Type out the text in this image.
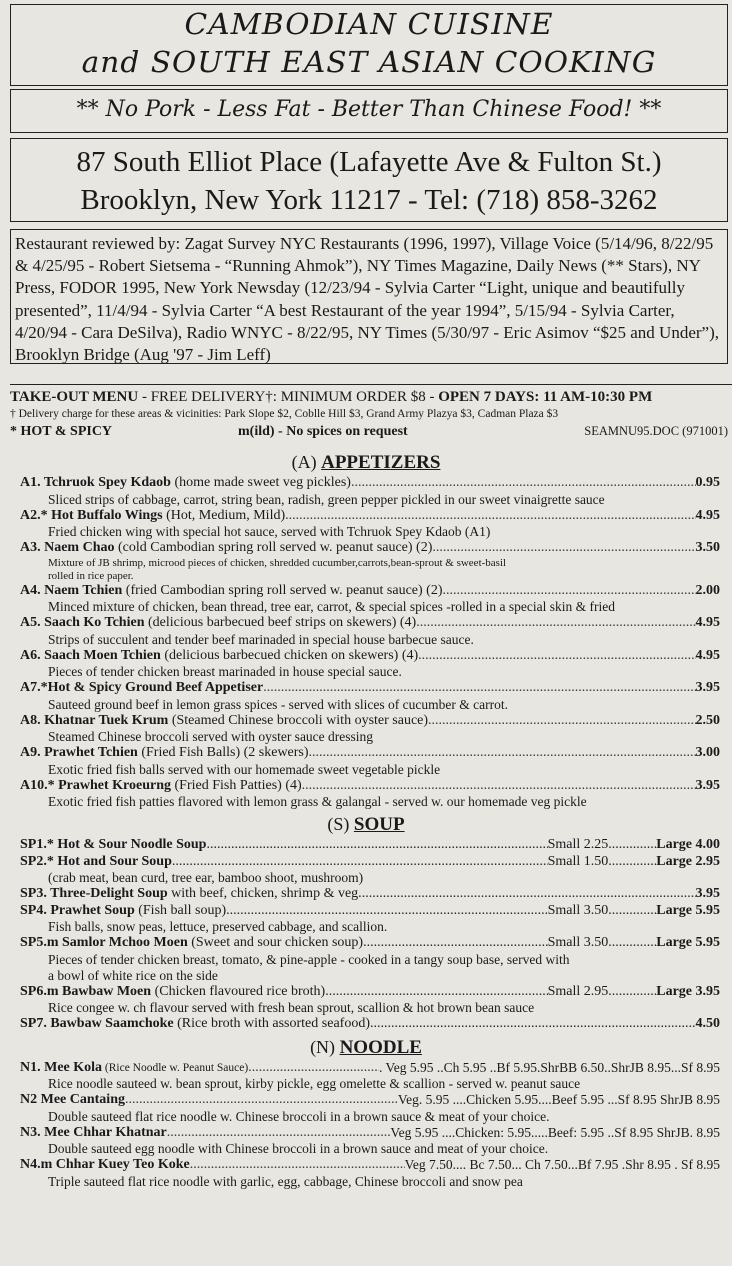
CAMBODIAN CUISINE
and SOUTH EAST ASIAN COOKING
** No Pork - Less Fat - Better Than Chinese Food! **
87 South Elliot Place (Lafayette Ave & Fulton St.)
Brooklyn, New York 11217 - Tel: (718) 858-3262
Restaurant reviewed by: Zagat Survey NYC Restaurants (1996, 1997), Village Voice (5/14/96, 8/22/95 & 4/25/95 - Robert Sietsema - “Running Ahmok”), NY Times Magazine, Daily News (** Stars), NY Press, FODOR 1995, New York Newsday (12/23/94 - Sylvia Carter “Light, unique and beautifully presented”, 11/4/94 - Sylvia Carter “A best Restaurant of the year 1994”, 5/15/94 - Sylvia Carter, 4/20/94 - Cara DeSilva), Radio WNYC - 8/22/95, NY Times (5/30/97 - Eric Asimov “$25 and Under”), Brooklyn Bridge (Aug '97 - Jim Leff)
TAKE-OUT MENU - FREE DELIVERY†: MINIMUM ORDER $8 - OPEN 7 DAYS: 11 AM-10:30 PM
† Delivery charge for these areas & vicinities: Park Slope $2, Coblle Hill $3, Grand Army Plazya $3, Cadman Plaza $3
* HOT & SPICY	m(ild) - No spices on request	SEAMNU95.DOC (971001)
(A) APPETIZERS
A1. Tchruok Spey Kdaob (home made sweet veg pickles) .....	0.95
Sliced strips of cabbage, carrot, string bean, radish, green pepper pickled in our sweet vinaigrette sauce
A2.* Hot Buffalo Wings (Hot, Medium, Mild) .....	4.95
Fried chicken wing with special hot sauce, served with Tchruok Spey Kdaob (A1)
A3. Naem Chao (cold Cambodian spring roll served w. peanut sauce) (2) .....	3.50
Mixture of JB shrimp, microod pieces of chicken, shredded cucumber,carrots,bean-sprout & sweet-basil
rolled in rice paper.
A4. Naem Tchien (fried Cambodian spring roll served w. peanut sauce) (2) .....	2.00
Minced mixture of chicken, bean thread, tree ear, carrot, & special spices -rolled in a special skin & fried
A5. Saach Ko Tchien (delicious barbecued beef strips on skewers) (4) .....	4.95
Strips of succulent and tender beef marinaded in special house barbecue sauce.
A6. Saach Moen Tchien (delicious barbecued chicken on skewers) (4) .....	4.95
Pieces of tender chicken breast marinaded in house special sauce.
A7.*Hot & Spicy Ground Beef Appetiser .....	3.95
Sauteed ground beef in lemon grass spices - served with slices of cucumber & carrot.
A8. Khatnar Tuek Krum (Steamed Chinese broccoli with oyster sauce) .....	2.50
Steamed Chinese broccoli served with oyster sauce dressing
A9. Prawhet Tchien (Fried Fish Balls) (2 skewers) .....	3.00
Exotic fried fish balls served with our homemade sweet vegetable pickle
A10.* Prawhet Kroeurng (Fried Fish Patties) (4) .....	3.95
Exotic fried fish patties flavored with lemon grass & galangal - served w. our homemade veg pickle
(S) SOUP
SP1.* Hot & Sour Noodle Soup .....	Small 2.25 .....	Large 4.00
SP2.* Hot and Sour Soup .....	Small 1.50 .....	Large 2.95
(crab meat, bean curd, tree ear, bamboo shoot, mushroom)
SP3. Three-Delight Soup with beef, chicken, shrimp & veg. .....	3.95
SP4. Prawhet Soup (Fish ball soup) .....	Small 3.50 .....	Large 5.95
Fish balls, snow peas, lettuce, preserved cabbage, and scallion.
SP5.m Samlor Mchoo Moen (Sweet and sour chicken soup) .....	Small 3.50 .....	Large 5.95
Pieces of tender chicken breast, tomato, & pine-apple - cooked in a tangy soup base, served with
a bowl of white rice on the side
SP6.m Bawbaw Moen (Chicken flavoured rice broth) .....	Small 2.95 .....	Large 3.95
Rice congee w. ch flavour served with fresh bean sprout, scallion & hot brown bean sauce
SP7. Bawbaw Saamchoke (Rice broth with assorted seafood) .....	4.50
(N) NOODLE
N1. Mee Kola (Rice Noodle w. Peanut Sauce) .....	. Veg 5.95 ..Ch 5.95 ..Bf 5.95.ShrBB 6.50..ShrJB 8.95...Sf 8.95
Rice noodle sauteed w. bean sprout, kirby pickle, egg omelette & scallion - served w. peanut sauce
N2 Mee Cantaing .....	Veg. 5.95 ....Chicken 5.95....Beef 5.95 ...Sf 8.95 ShrJB 8.95
Double sauteed flat rice noodle w. Chinese broccoli in a brown sauce & meat of your choice.
N3. Mee Chhar Khatnar .....	Veg 5.95 ....Chicken: 5.95.....Beef: 5.95 ..Sf 8.95 ShrJB. 8.95
Double sauteed egg noodle with Chinese broccoli in a brown sauce and meat of your choice.
N4.m Chhar Kuey Teo Koke .....	Veg 7.50.... Bc 7.50... Ch 7.50...Bf 7.95 .Shr 8.95 . Sf 8.95
Triple sauteed flat rice noodle with garlic, egg, cabbage, Chinese broccoli and snow pea
